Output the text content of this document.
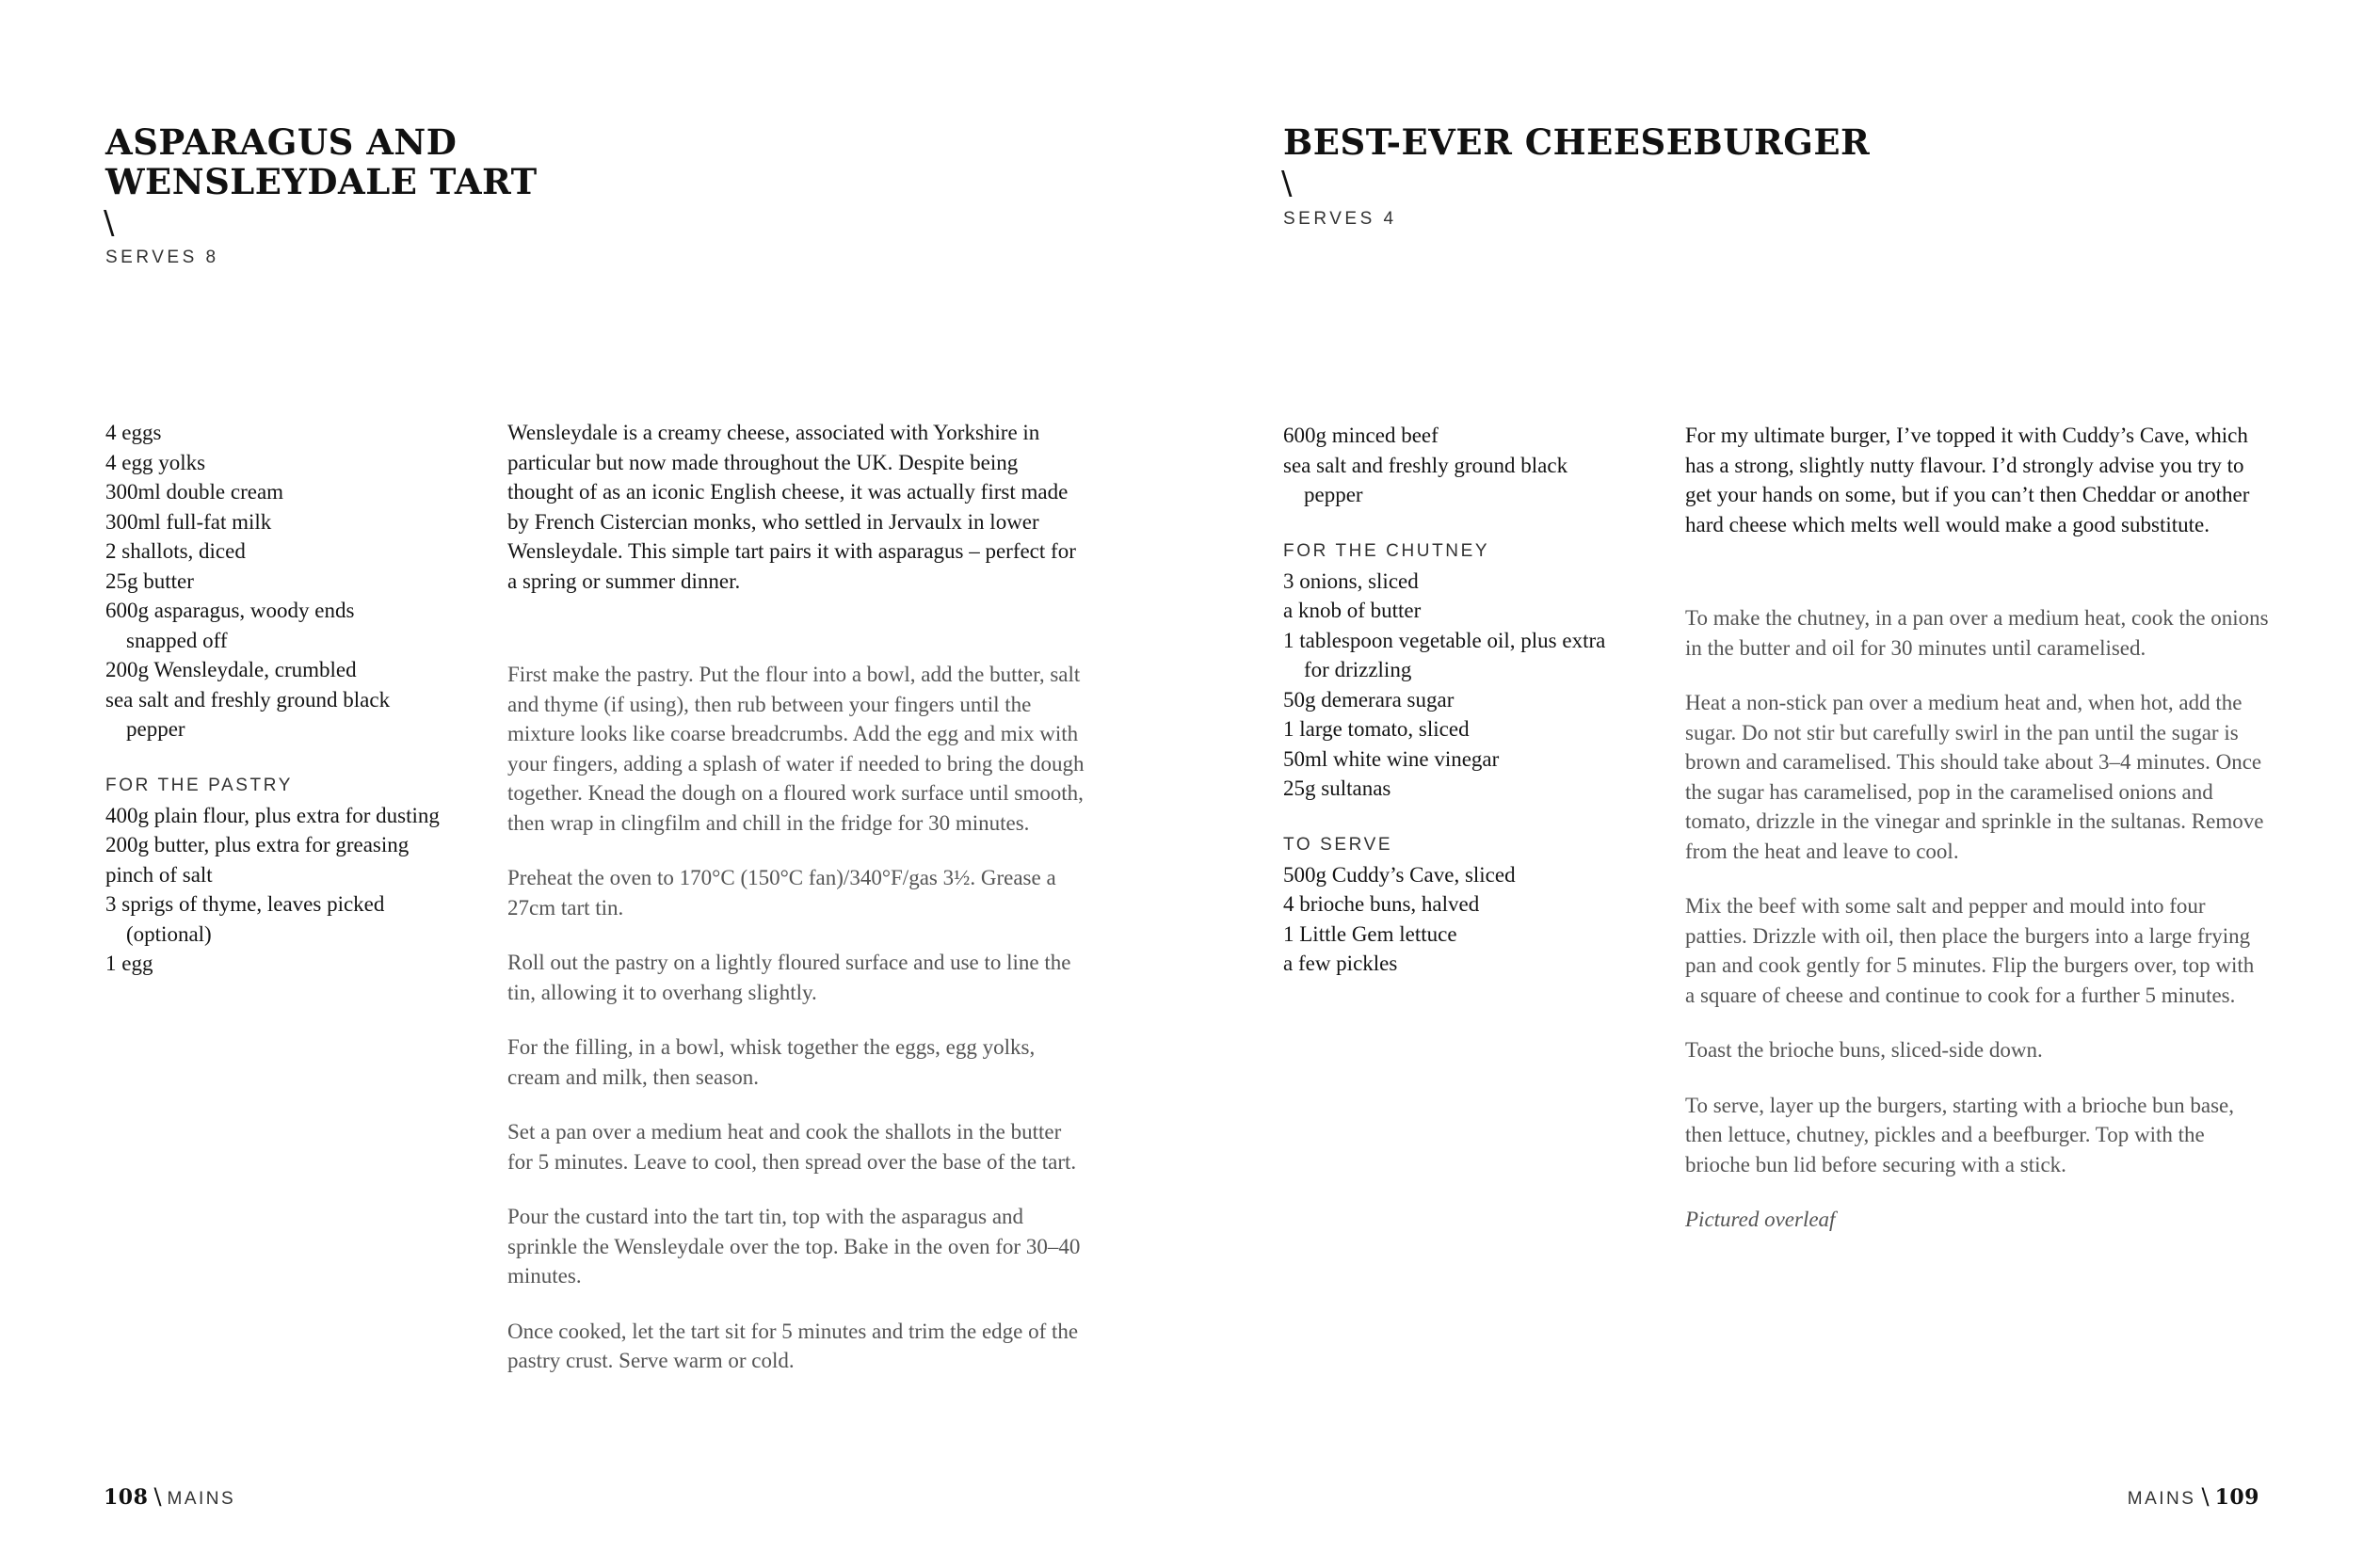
ASPARAGUS AND
WENSLEYDALE TART
\
SERVES 8
4 eggs
4 egg yolks
300ml double cream
300ml full-fat milk
2 shallots, diced
25g butter
600g asparagus, woody ends snapped off
200g Wensleydale, crumbled
sea salt and freshly ground black pepper
FOR THE PASTRY
400g plain flour, plus extra for dusting
200g butter, plus extra for greasing
pinch of salt
3 sprigs of thyme, leaves picked (optional)
1 egg

Wensleydale is a creamy cheese, associated with Yorkshire in particular but now made throughout the UK. Despite being thought of as an iconic English cheese, it was actually first made by French Cistercian monks, who settled in Jervaulx in lower Wensleydale. This simple tart pairs it with asparagus – perfect for a spring or summer dinner.

First make the pastry. Put the flour into a bowl, add the butter, salt and thyme (if using), then rub between your fingers until the mixture looks like coarse breadcrumbs. Add the egg and mix with your fingers, adding a splash of water if needed to bring the dough together. Knead the dough on a floured work surface until smooth, then wrap in clingfilm and chill in the fridge for 30 minutes.

Preheat the oven to 170°C (150°C fan)/340°F/gas 3½. Grease a 27cm tart tin.

Roll out the pastry on a lightly floured surface and use to line the tin, allowing it to overhang slightly.

For the filling, in a bowl, whisk together the eggs, egg yolks, cream and milk, then season.

Set a pan over a medium heat and cook the shallots in the butter for 5 minutes. Leave to cool, then spread over the base of the tart.

Pour the custard into the tart tin, top with the asparagus and sprinkle the Wensleydale over the top. Bake in the oven for 30–40 minutes.

Once cooked, let the tart sit for 5 minutes and trim the edge of the pastry crust. Serve warm or cold.

108 \ MAINS
BEST-EVER CHEESEBURGER
\
SERVES 4
600g minced beef
sea salt and freshly ground black pepper
FOR THE CHUTNEY
3 onions, sliced
a knob of butter
1 tablespoon vegetable oil, plus extra for drizzling
50g demerara sugar
1 large tomato, sliced
50ml white wine vinegar
25g sultanas
TO SERVE
500g Cuddy’s Cave, sliced
4 brioche buns, halved
1 Little Gem lettuce
a few pickles

For my ultimate burger, I’ve topped it with Cuddy’s Cave, which has a strong, slightly nutty flavour. I’d strongly advise you try to get your hands on some, but if you can’t then Cheddar or another hard cheese which melts well would make a good substitute.

To make the chutney, in a pan over a medium heat, cook the onions in the butter and oil for 30 minutes until caramelised.

Heat a non-stick pan over a medium heat and, when hot, add the sugar. Do not stir but carefully swirl in the pan until the sugar is brown and caramelised. This should take about 3–4 minutes. Once the sugar has caramelised, pop in the caramelised onions and tomato, drizzle in the vinegar and sprinkle in the sultanas. Remove from the heat and leave to cool.

Mix the beef with some salt and pepper and mould into four patties. Drizzle with oil, then place the burgers into a large frying pan and cook gently for 5 minutes. Flip the burgers over, top with a square of cheese and continue to cook for a further 5 minutes.

Toast the brioche buns, sliced-side down.

To serve, layer up the burgers, starting with a brioche bun base, then lettuce, chutney, pickles and a beefburger. Top with the brioche bun lid before securing with a stick.

Pictured overleaf

MAINS \ 109
